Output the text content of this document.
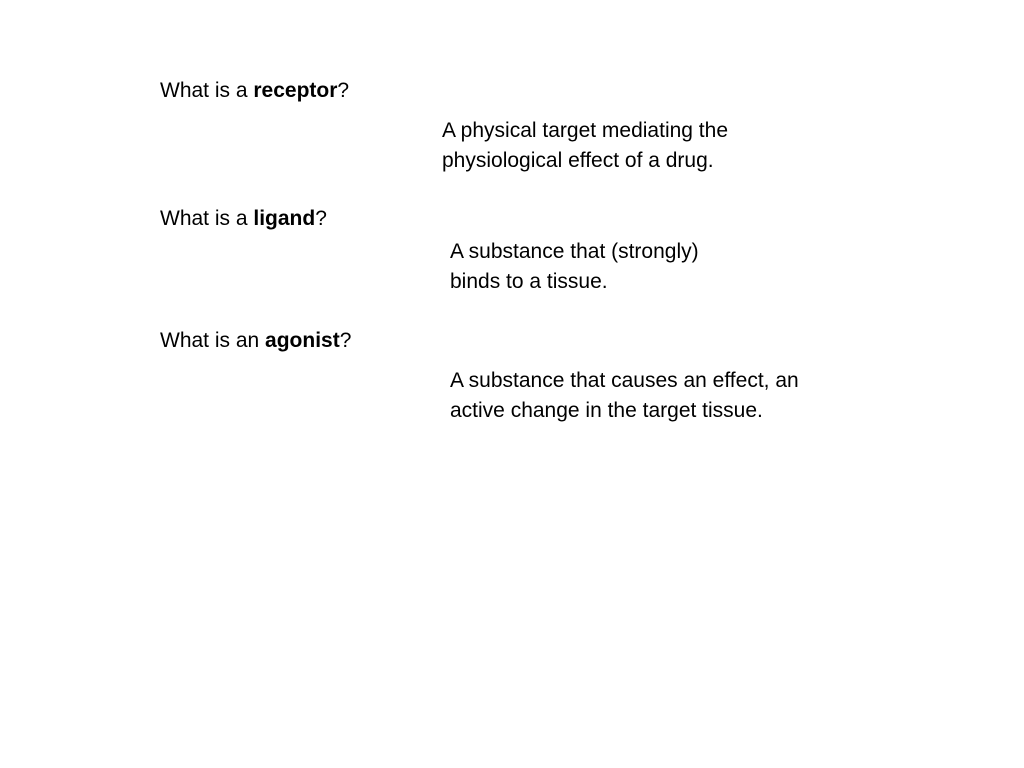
What is a receptor?
A physical target mediating the
physiological effect of a drug.
What is a ligand?
A substance that (strongly)
binds to a tissue.
What is an agonist?
A substance that causes an effect, an
active change in the target tissue.
